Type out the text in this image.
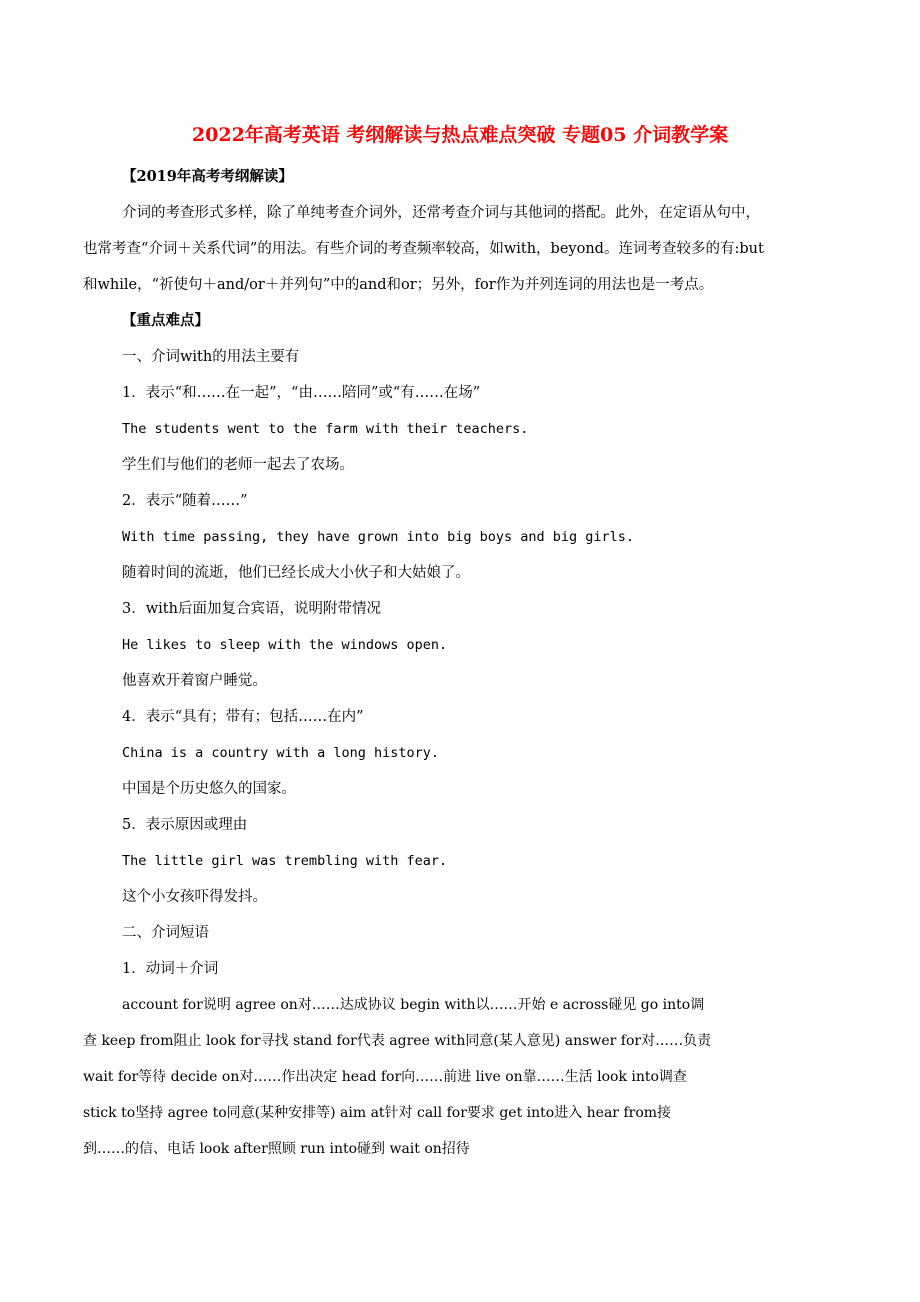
2022年高考英语 考纲解读与热点难点突破 专题05 介词教学案
【2019年高考考纲解读】
介词的考查形式多样，除了单纯考查介词外，还常考查介词与其他词的搭配。此外，在定语从句中，
也常考查“介词＋关系代词”的用法。有些介词的考查频率较高，如with，beyond。连词考查较多的有:but
和while，“祈使句＋and/or＋并列句”中的and和or；另外，for作为并列连词的用法也是一考点。
【重点难点】
一、介词with的用法主要有
1．表示“和……在一起”，“由……陪同”或“有……在场”
The students went to the farm with their teachers.
学生们与他们的老师一起去了农场。
2．表示“随着……”
With time passing, they have grown into big boys and big girls.
随着时间的流逝，他们已经长成大小伙子和大姑娘了。
3．with后面加复合宾语，说明附带情况
He likes to sleep with the windows open.
他喜欢开着窗户睡觉。
4．表示“具有；带有；包括……在内”
China is a country with a long history.
中国是个历史悠久的国家。
5．表示原因或理由
The little girl was trembling with fear.
这个小女孩吓得发抖。
二、介词短语
1．动词＋介词
account for说明 agree on对……达成协议 begin with以……开始 e across碰见 go into调
查 keep from阻止 look for寻找 stand for代表 agree with同意(某人意见) answer for对……负责
wait for等待 decide on对……作出决定 head for向……前进 live on靠……生活 look into调查
stick to坚持 agree to同意(某种安排等) aim at针对 call for要求 get into进入 hear from接
到……的信、电话 look after照顾 run into碰到 wait on招待
